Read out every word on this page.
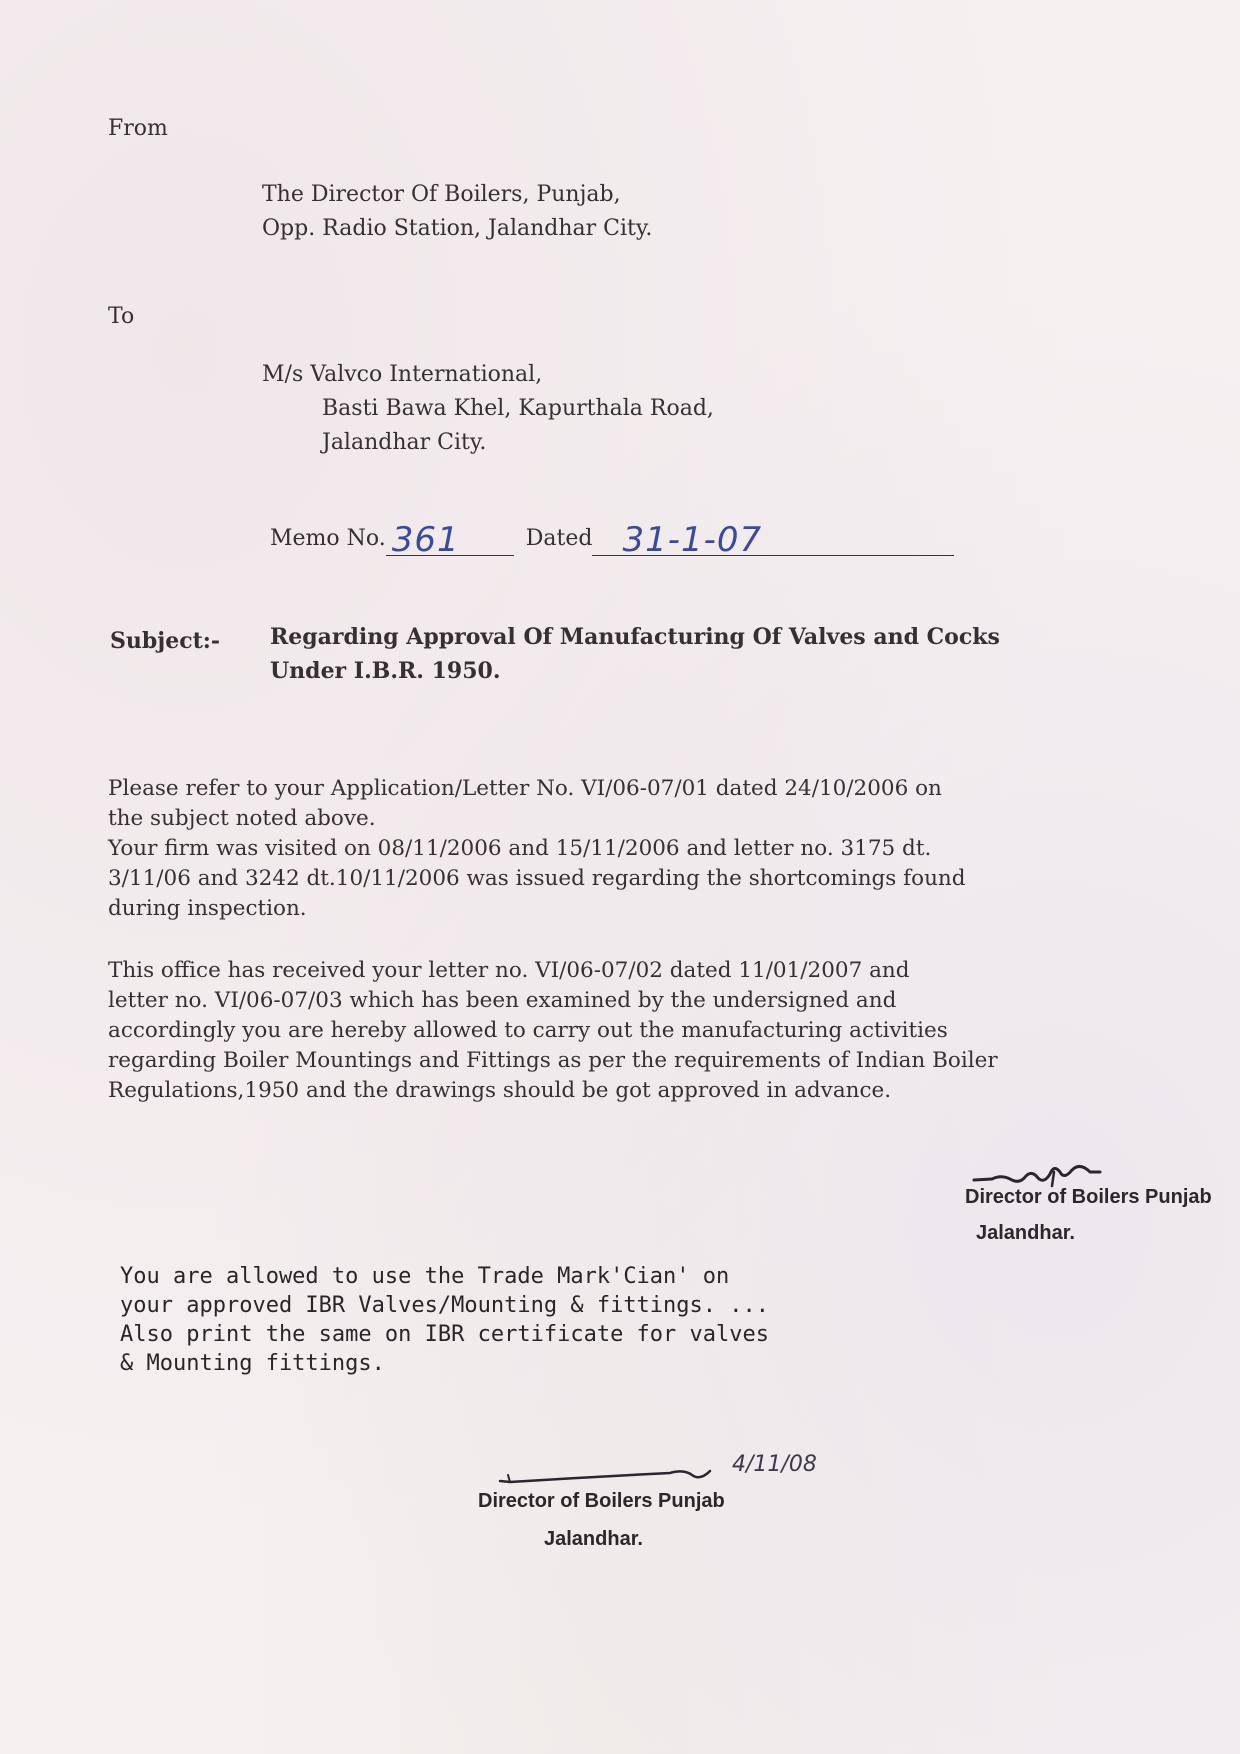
From
The Director Of Boilers, Punjab,
Opp. Radio Station, Jalandhar City.
To
M/s Valvco International,
Basti Bawa Khel, Kapurthala Road,
Jalandhar City.
Memo No. 361	Dated 31-1-07
Subject:- Regarding Approval Of Manufacturing Of Valves and Cocks
Under I.B.R. 1950.
Please refer to your Application/Letter No. VI/06-07/01 dated 24/10/2006 on
the subject noted above.
Your firm was visited on 08/11/2006 and 15/11/2006 and letter no. 3175 dt.
3/11/06 and 3242 dt.10/11/2006 was issued regarding the shortcomings found
during inspection.
This office has received your letter no. VI/06-07/02 dated 11/01/2007 and
letter no. VI/06-07/03 which has been examined by the undersigned and
accordingly you are hereby allowed to carry out the manufacturing activities
regarding Boiler Mountings and Fittings as per the requirements of Indian Boiler
Regulations,1950 and the drawings should be got approved in advance.
Director of Boilers Punjab
Jalandhar.
You are allowed to use the Trade Mark'Cian' on
your approved IBR Valves/Mounting & fittings. ...
Also print the same on IBR certificate for valves
& Mounting fittings.
4/11/08
Director of Boilers Punjab
Jalandhar.
